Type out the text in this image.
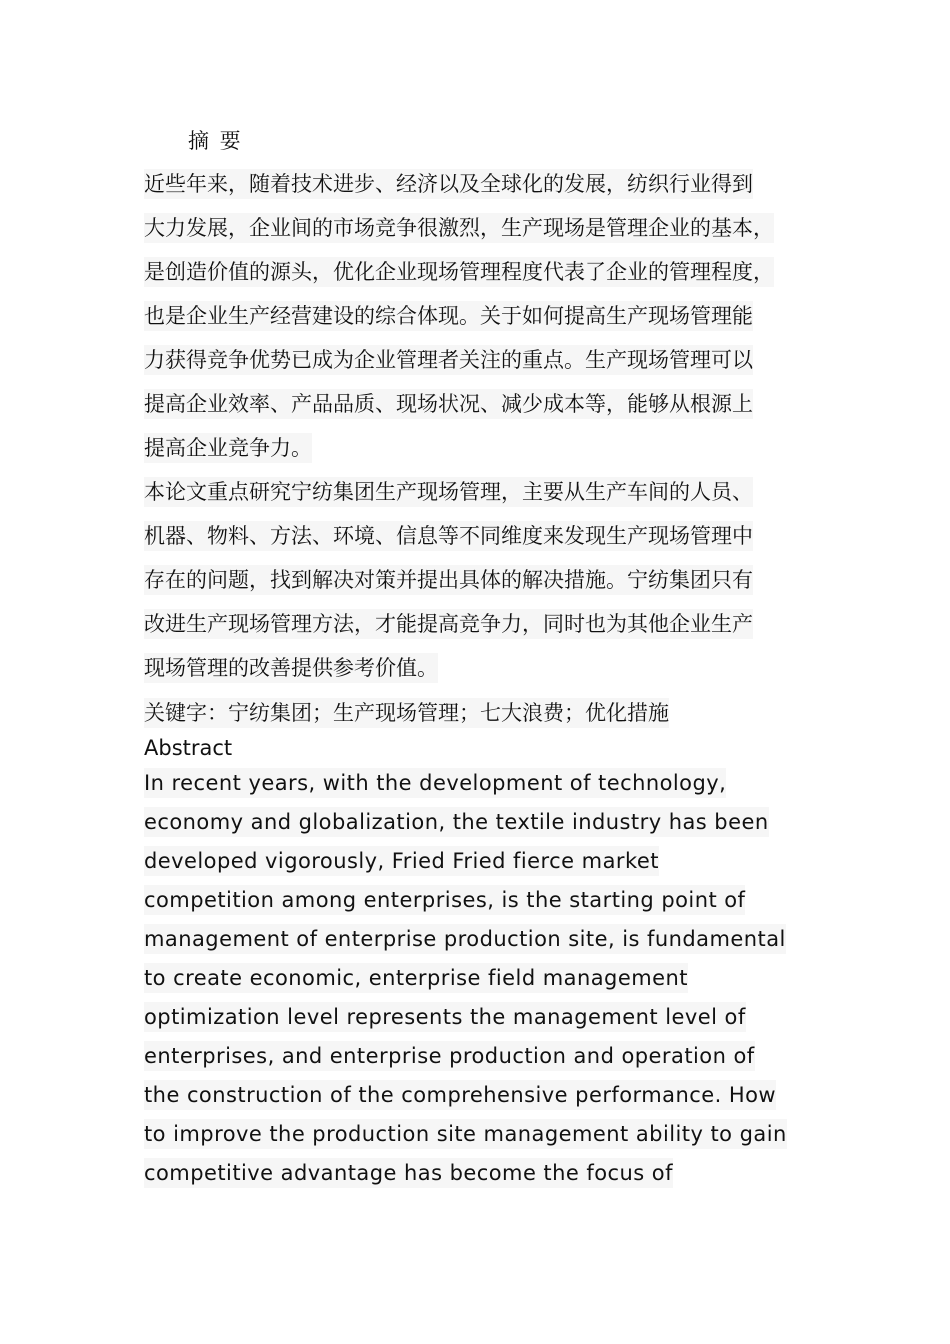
摘 要
近些年来，随着技术进步、经济以及全球化的发展，纺织行业得到
大力发展，企业间的市场竞争很激烈，生产现场是管理企业的基本，
是创造价值的源头，优化企业现场管理程度代表了企业的管理程度，
也是企业生产经营建设的综合体现。关于如何提高生产现场管理能
力获得竞争优势已成为企业管理者关注的重点。生产现场管理可以
提高企业效率、产品品质、现场状况、减少成本等，能够从根源上
提高企业竞争力。
本论文重点研究宁纺集团生产现场管理，主要从生产车间的人员、
机器、物料、方法、环境、信息等不同维度来发现生产现场管理中
存在的问题，找到解决对策并提出具体的解决措施。宁纺集团只有
改进生产现场管理方法，才能提高竞争力，同时也为其他企业生产
现场管理的改善提供参考价值。
关键字：宁纺集团；生产现场管理；七大浪费；优化措施
Abstract
In recent years, with the development of technology,
economy and globalization, the textile industry has been
developed vigorously, Fried Fried fierce market
competition among enterprises, is the starting point of
management of enterprise production site, is fundamental
to create economic, enterprise field management
optimization level represents the management level of
enterprises, and enterprise production and operation of
the construction of the comprehensive performance. How
to improve the production site management ability to gain
competitive advantage has become the focus of
